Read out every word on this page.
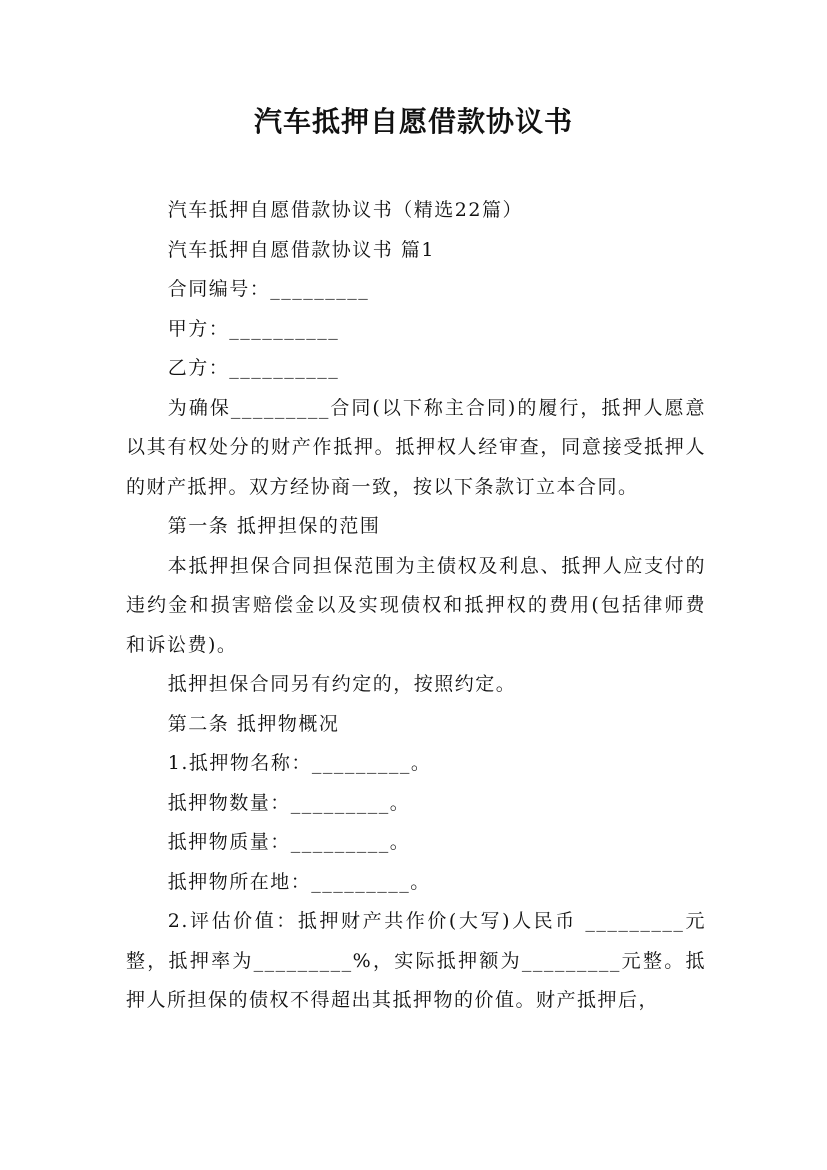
汽车抵押自愿借款协议书

汽车抵押自愿借款协议书（精选22篇）

汽车抵押自愿借款协议书 篇1

合同编号：_________

甲方：__________

乙方：__________

为确保_________合同(以下称主合同)的履行，抵押人愿意以其有权处分的财产作抵押。抵押权人经审查，同意接受抵押人的财产抵押。双方经协商一致，按以下条款订立本合同。

第一条 抵押担保的范围

本抵押担保合同担保范围为主债权及利息、抵押人应支付的违约金和损害赔偿金以及实现债权和抵押权的费用(包括律师费和诉讼费)。

抵押担保合同另有约定的，按照约定。

第二条 抵押物概况

1.抵押物名称：_________。

抵押物数量：_________。

抵押物质量：_________。

抵押物所在地：_________。

2.评估价值：抵押财产共作价(大写)人民币 _________元整，抵押率为_________%，实际抵押额为_________元整。抵押人所担保的债权不得超出其抵押物的价值。财产抵押后，
